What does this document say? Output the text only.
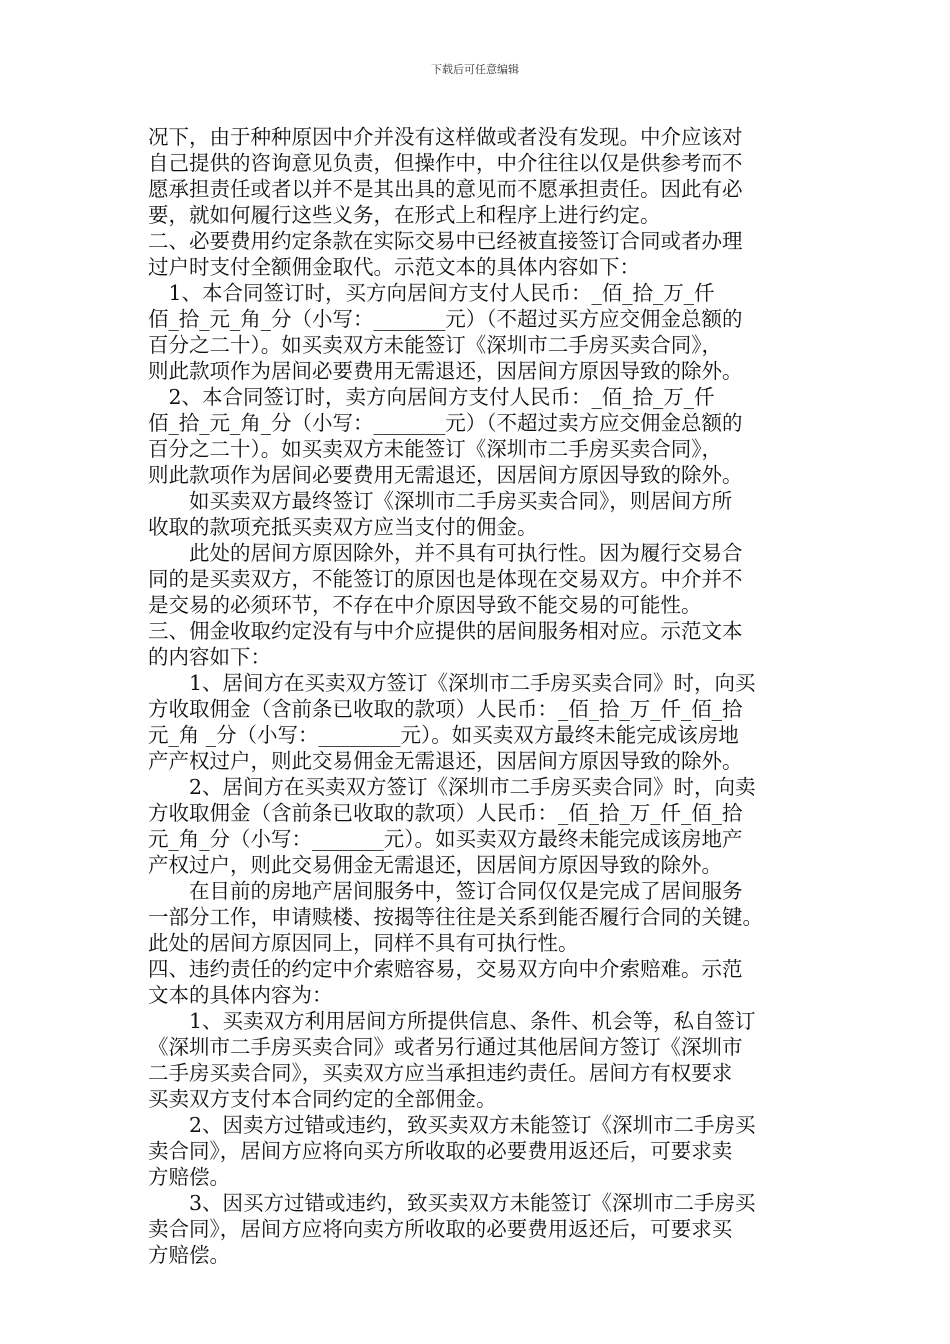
下载后可任意编辑
况下，由于种种原因中介并没有这样做或者没有发现。中介应该对
自己提供的咨询意见负责，但操作中，中介往往以仅是供参考而不
愿承担责任或者以并不是其出具的意见而不愿承担责任。因此有必
要，就如何履行这些义务，在形式上和程序上进行约定。
二、必要费用约定条款在实际交易中已经被直接签订合同或者办理
过户时支付全额佣金取代。示范文本的具体内容如下：
　1、本合同签订时，买方向居间方支付人民币：_佰_拾_万_仟
佰_拾_元_角_分（小写：_______元）（不超过买方应交佣金总额的
百分之二十）。如买卖双方未能签订《深圳市二手房买卖合同》，
则此款项作为居间必要费用无需退还，因居间方原因导致的除外。
　2、本合同签订时，卖方向居间方支付人民币：_佰_拾_万_仟
佰_拾_元_角_分（小写：_______元）（不超过卖方应交佣金总额的
百分之二十）。如买卖双方未能签订《深圳市二手房买卖合同》，
则此款项作为居间必要费用无需退还，因居间方原因导致的除外。
　　如买卖双方最终签订《深圳市二手房买卖合同》，则居间方所
收取的款项充抵买卖双方应当支付的佣金。
　　此处的居间方原因除外，并不具有可执行性。因为履行交易合
同的是买卖双方，不能签订的原因也是体现在交易双方。中介并不
是交易的必须环节，不存在中介原因导致不能交易的可能性。
三、佣金收取约定没有与中介应提供的居间服务相对应。示范文本
的内容如下：
　　1、居间方在买卖双方签订《深圳市二手房买卖合同》时，向买
方收取佣金（含前条已收取的款项）人民币：_佰_拾_万_仟_佰_拾
元_角 _分（小写：________元）。如买卖双方最终未能完成该房地
产产权过户，则此交易佣金无需退还，因居间方原因导致的除外。
　　2、居间方在买卖双方签订《深圳市二手房买卖合同》时，向卖
方收取佣金（含前条已收取的款项）人民币：_佰_拾_万_仟_佰_拾
元_角_分（小写：_______元）。如买卖双方最终未能完成该房地产
产权过户，则此交易佣金无需退还，因居间方原因导致的除外。
　　在目前的房地产居间服务中，签订合同仅仅是完成了居间服务
一部分工作，申请赎楼、按揭等往往是关系到能否履行合同的关键。
此处的居间方原因同上，同样不具有可执行性。
四、违约责任的约定中介索赔容易，交易双方向中介索赔难。示范
文本的具体内容为：
　　1、买卖双方利用居间方所提供信息、条件、机会等，私自签订
《深圳市二手房买卖合同》或者另行通过其他居间方签订《深圳市
二手房买卖合同》，买卖双方应当承担违约责任。居间方有权要求
买卖双方支付本合同约定的全部佣金。
　　2、因卖方过错或违约，致买卖双方未能签订《深圳市二手房买
卖合同》，居间方应将向买方所收取的必要费用返还后，可要求卖
方赔偿。
　　3、因买方过错或违约，致买卖双方未能签订《深圳市二手房买
卖合同》，居间方应将向卖方所收取的必要费用返还后，可要求买
方赔偿。
